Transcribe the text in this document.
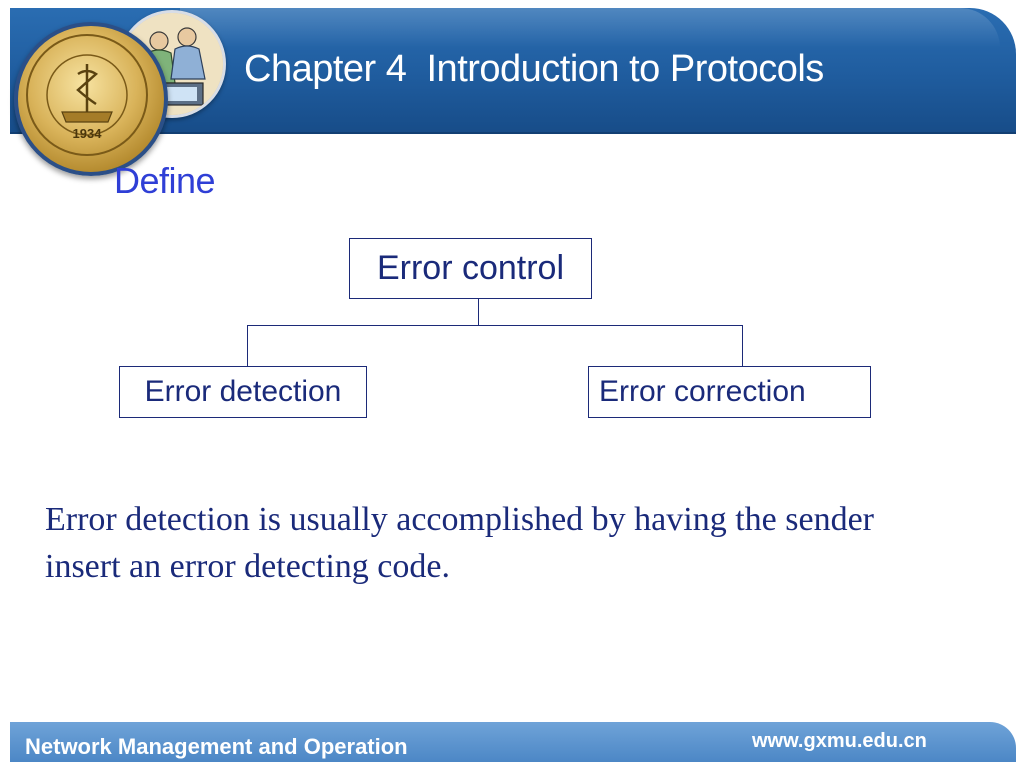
1934
Chapter 4  Introduction to Protocols
Define
Error control
Error detection	Error correction
Error detection is usually accomplished by having the sender insert an error detecting code.
Network Management and Operation	www.gxmu.edu.cn
